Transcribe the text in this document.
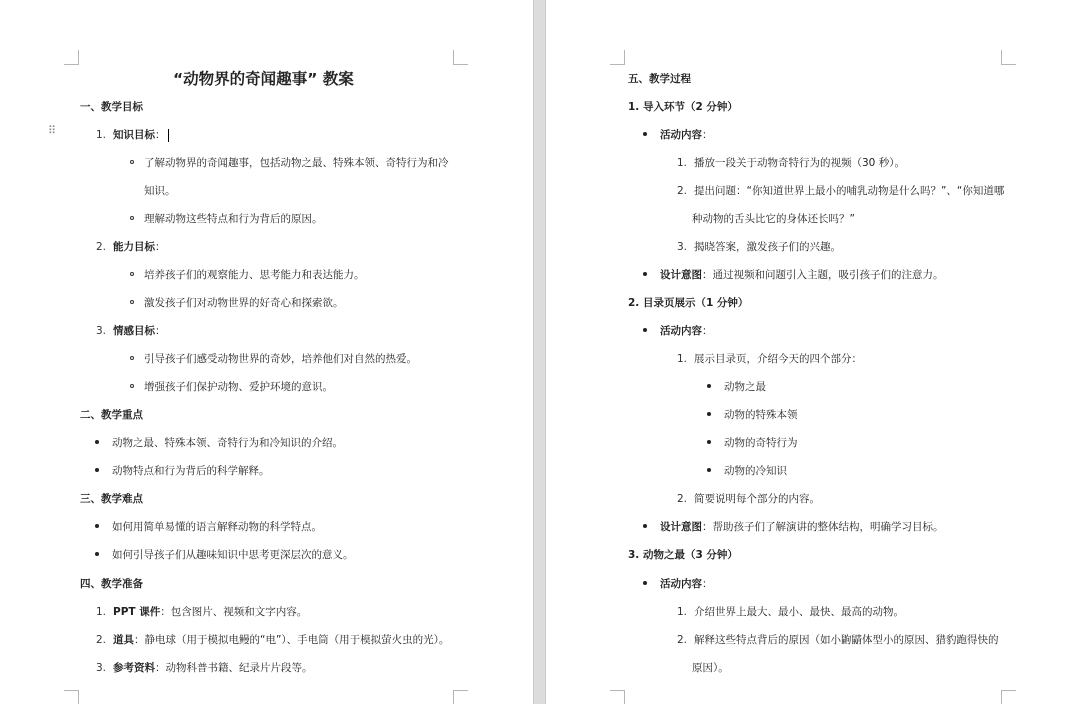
“动物界的奇闻趣事” 教案
一、教学目标
⠿	1. 知识目标：
了解动物界的奇闻趣事，包括动物之最、特殊本领、奇特行为和冷
知识。
理解动物这些特点和行为背后的原因。
2. 能力目标：
培养孩子们的观察能力、思考能力和表达能力。
激发孩子们对动物世界的好奇心和探索欲。
3. 情感目标：
引导孩子们感受动物世界的奇妙，培养他们对自然的热爱。
增强孩子们保护动物、爱护环境的意识。
二、教学重点
动物之最、特殊本领、奇特行为和冷知识的介绍。
动物特点和行为背后的科学解释。
三、教学难点
如何用简单易懂的语言解释动物的科学特点。
如何引导孩子们从趣味知识中思考更深层次的意义。
四、教学准备
1. PPT 课件：包含图片、视频和文字内容。
2. 道具：静电球（用于模拟电鳗的“电”）、手电筒（用于模拟萤火虫的光）。
3. 参考资料：动物科普书籍、纪录片片段等。
五、教学过程
1. 导入环节（2 分钟）
活动内容：
1. 播放一段关于动物奇特行为的视频（30 秒）。
2. 提出问题：“你知道世界上最小的哺乳动物是什么吗？”、“你知道哪
种动物的舌头比它的身体还长吗？”
3. 揭晓答案，激发孩子们的兴趣。
设计意图：通过视频和问题引入主题，吸引孩子们的注意力。
2. 目录页展示（1 分钟）
活动内容：
1. 展示目录页，介绍今天的四个部分：
动物之最
动物的特殊本领
动物的奇特行为
动物的冷知识
2. 简要说明每个部分的内容。
设计意图：帮助孩子们了解演讲的整体结构，明确学习目标。
3. 动物之最（3 分钟）
活动内容：
1. 介绍世界上最大、最小、最快、最高的动物。
2. 解释这些特点背后的原因（如小鼩鼱体型小的原因、猎豹跑得快的
原因）。
